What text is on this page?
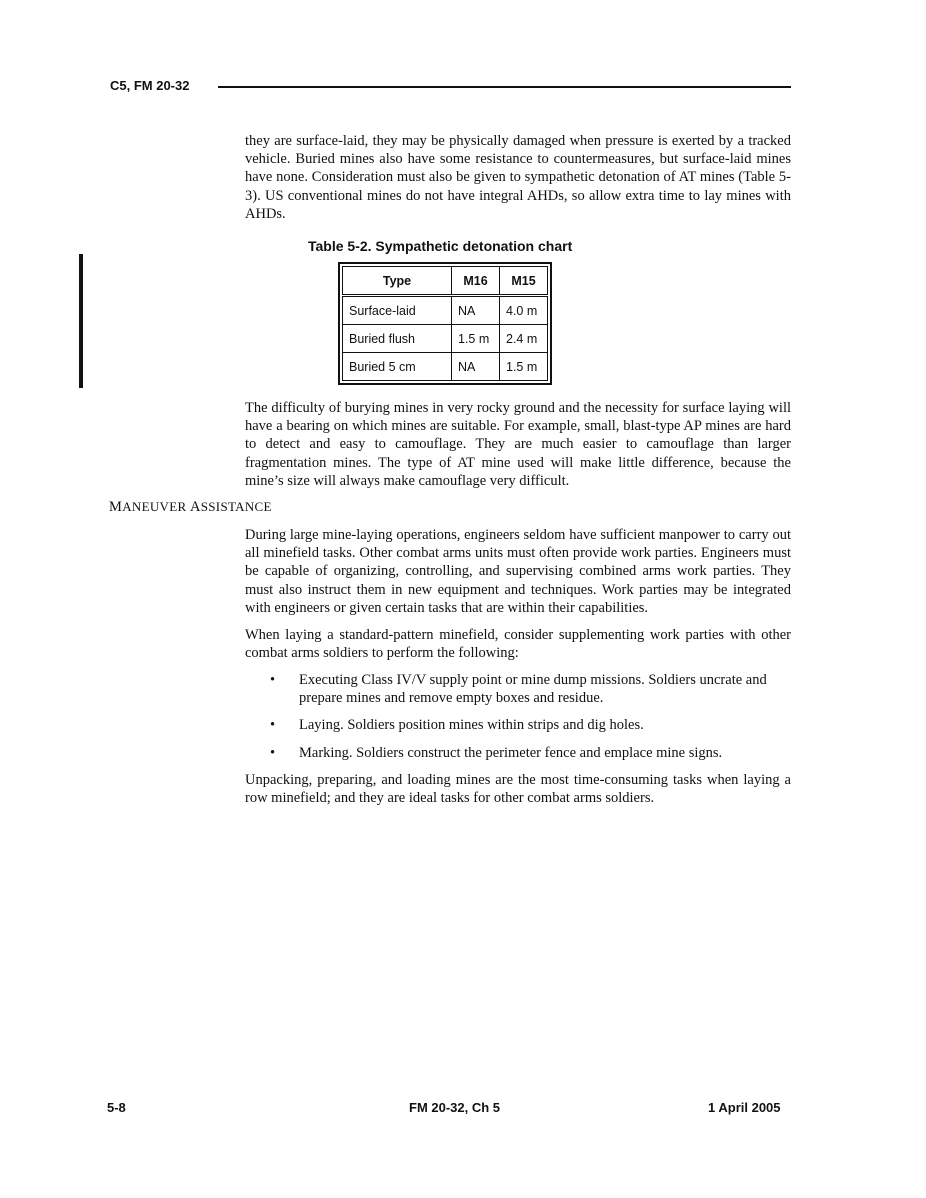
C5, FM 20-32

they are surface-laid, they may be physically damaged when pressure is exerted by a tracked vehicle. Buried mines also have some resistance to countermeasures, but surface-laid mines have none. Consideration must also be given to sympathetic detonation of AT mines (Table 5-3). US conventional mines do not have integral AHDs, so allow extra time to lay mines with AHDs.

Table 5-2. Sympathetic detonation chart
Type	M16	M15
Surface-laid	NA	4.0 m
Buried flush	1.5 m	2.4 m
Buried 5 cm	NA	1.5 m

The difficulty of burying mines in very rocky ground and the necessity for surface laying will have a bearing on which mines are suitable. For example, small, blast-type AP mines are hard to detect and easy to camouflage. They are much easier to camouflage than larger fragmentation mines. The type of AT mine used will make little difference, because the mine’s size will always make camouflage very difficult.

MANEUVER ASSISTANCE

During large mine-laying operations, engineers seldom have sufficient manpower to carry out all minefield tasks. Other combat arms units must often provide work parties. Engineers must be capable of organizing, controlling, and supervising combined arms work parties. They must also instruct them in new equipment and techniques. Work parties may be integrated with engineers or given certain tasks that are within their capabilities.

When laying a standard-pattern minefield, consider supplementing work parties with other combat arms soldiers to perform the following:

• Executing Class IV/V supply point or mine dump missions. Soldiers uncrate and prepare mines and remove empty boxes and residue.
• Laying. Soldiers position mines within strips and dig holes.
• Marking. Soldiers construct the perimeter fence and emplace mine signs.

Unpacking, preparing, and loading mines are the most time-consuming tasks when laying a row minefield; and they are ideal tasks for other combat arms soldiers.

5-8	FM 20-32, Ch 5	1 April 2005
